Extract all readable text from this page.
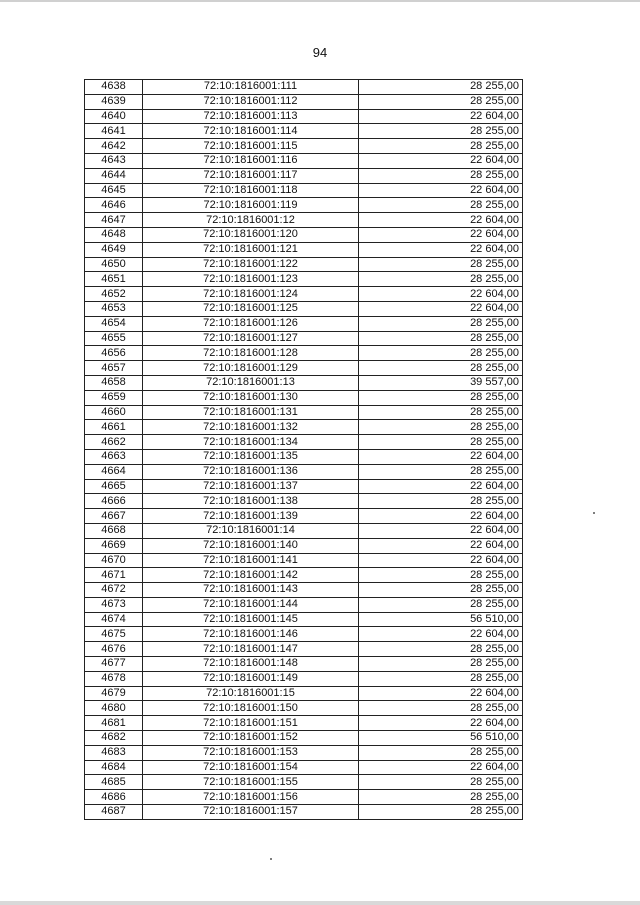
94
4638	72:10:1816001:111	28 255,00
4639	72:10:1816001:112	28 255,00
4640	72:10:1816001:113	22 604,00
4641	72:10:1816001:114	28 255,00
4642	72:10:1816001:115	28 255,00
4643	72:10:1816001:116	22 604,00
4644	72:10:1816001:117	28 255,00
4645	72:10:1816001:118	22 604,00
4646	72:10:1816001:119	28 255,00
4647	72:10:1816001:12	22 604,00
4648	72:10:1816001:120	22 604,00
4649	72:10:1816001:121	22 604,00
4650	72:10:1816001:122	28 255,00
4651	72:10:1816001:123	28 255,00
4652	72:10:1816001:124	22 604,00
4653	72:10:1816001:125	22 604,00
4654	72:10:1816001:126	28 255,00
4655	72:10:1816001:127	28 255,00
4656	72:10:1816001:128	28 255,00
4657	72:10:1816001:129	28 255,00
4658	72:10:1816001:13	39 557,00
4659	72:10:1816001:130	28 255,00
4660	72:10:1816001:131	28 255,00
4661	72:10:1816001:132	28 255,00
4662	72:10:1816001:134	28 255,00
4663	72:10:1816001:135	22 604,00
4664	72:10:1816001:136	28 255,00
4665	72:10:1816001:137	22 604,00
4666	72:10:1816001:138	28 255,00
4667	72:10:1816001:139	22 604,00
4668	72:10:1816001:14	22 604,00
4669	72:10:1816001:140	22 604,00
4670	72:10:1816001:141	22 604,00
4671	72:10:1816001:142	28 255,00
4672	72:10:1816001:143	28 255,00
4673	72:10:1816001:144	28 255,00
4674	72:10:1816001:145	56 510,00
4675	72:10:1816001:146	22 604,00
4676	72:10:1816001:147	28 255,00
4677	72:10:1816001:148	28 255,00
4678	72:10:1816001:149	28 255,00
4679	72:10:1816001:15	22 604,00
4680	72:10:1816001:150	28 255,00
4681	72:10:1816001:151	22 604,00
4682	72:10:1816001:152	56 510,00
4683	72:10:1816001:153	28 255,00
4684	72:10:1816001:154	22 604,00
4685	72:10:1816001:155	28 255,00
4686	72:10:1816001:156	28 255,00
4687	72:10:1816001:157	28 255,00
